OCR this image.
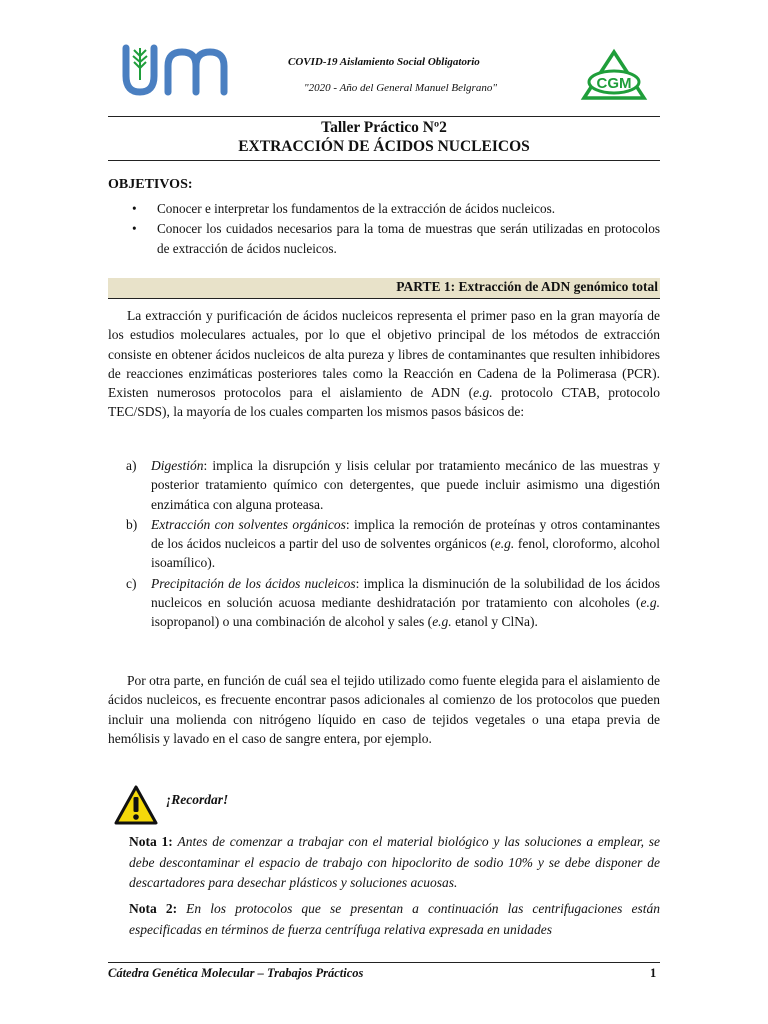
COVID-19 Aislamiento Social Obligatorio
"2020 - Año del General Manuel Belgrano"	CGM
Taller Práctico Nº2
EXTRACCIÓN DE ÁCIDOS NUCLEICOS
OBJETIVOS:
• Conocer e interpretar los fundamentos de la extracción de ácidos nucleicos.
• Conocer los cuidados necesarios para la toma de muestras que serán utilizadas en protocolos de extracción de ácidos nucleicos.
PARTE 1: Extracción de ADN genómico total
La extracción y purificación de ácidos nucleicos representa el primer paso en la gran mayoría de los estudios moleculares actuales, por lo que el objetivo principal de los métodos de extracción consiste en obtener ácidos nucleicos de alta pureza y libres de contaminantes que resulten inhibidores de reacciones enzimáticas posteriores tales como la Reacción en Cadena de la Polimerasa (PCR). Existen numerosos protocolos para el aislamiento de ADN (e.g. protocolo CTAB, protocolo TEC/SDS), la mayoría de los cuales comparten los mismos pasos básicos de:
a) Digestión: implica la disrupción y lisis celular por tratamiento mecánico de las muestras y posterior tratamiento químico con detergentes, que puede incluir asimismo una digestión enzimática con alguna proteasa.
b) Extracción con solventes orgánicos: implica la remoción de proteínas y otros contaminantes de los ácidos nucleicos a partir del uso de solventes orgánicos (e.g. fenol, cloroformo, alcohol isoamílico).
c) Precipitación de los ácidos nucleicos: implica la disminución de la solubilidad de los ácidos nucleicos en solución acuosa mediante deshidratación por tratamiento con alcoholes (e.g. isopropanol) o una combinación de alcohol y sales (e.g. etanol y ClNa).
Por otra parte, en función de cuál sea el tejido utilizado como fuente elegida para el aislamiento de ácidos nucleicos, es frecuente encontrar pasos adicionales al comienzo de los protocolos que pueden incluir una molienda con nitrógeno líquido en caso de tejidos vegetales o una etapa previa de hemólisis y lavado en el caso de sangre entera, por ejemplo.
¡Recordar!
Nota 1: Antes de comenzar a trabajar con el material biológico y las soluciones a emplear, se debe descontaminar el espacio de trabajo con hipoclorito de sodio 10% y se debe disponer de descartadores para desechar plásticos y soluciones acuosas.
Nota 2: En los protocolos que se presentan a continuación las centrifugaciones están especificadas en términos de fuerza centrífuga relativa expresada en unidades
Cátedra Genética Molecular – Trabajos Prácticos	1
